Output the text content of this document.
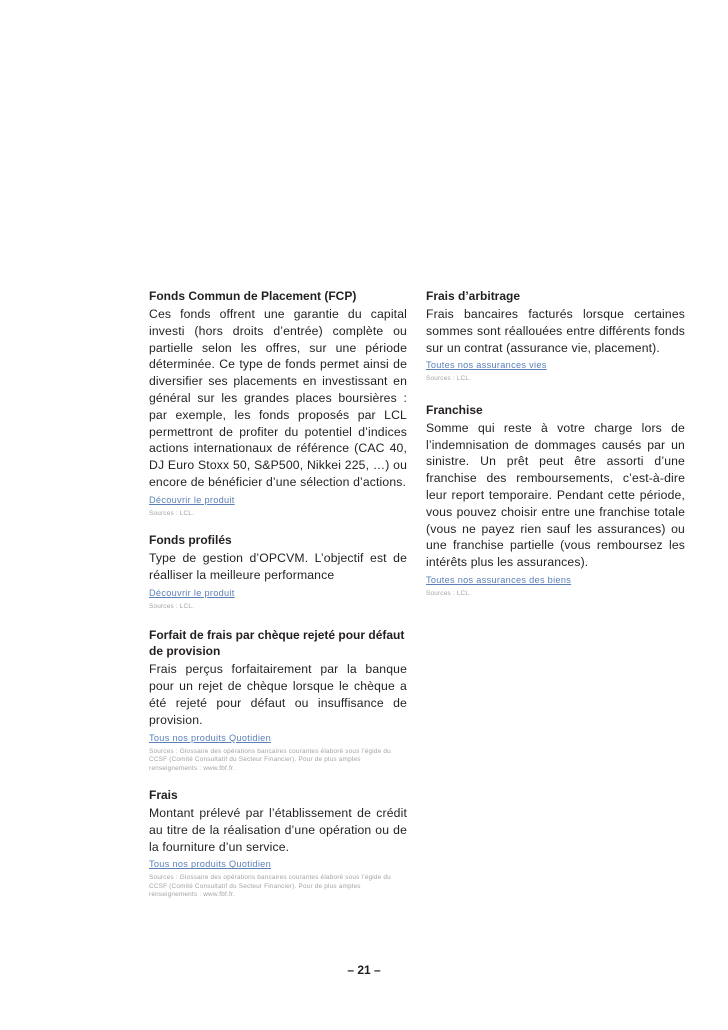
Fonds Commun de Placement (FCP)

Ces fonds offrent une garantie du capital investi (hors droits d’entrée) complète ou partielle selon les offres, sur une période déterminée. Ce type de fonds permet ainsi de diversifier ses placements en investissant en général sur les grandes places boursières : par exemple, les fonds proposés par LCL permettront de profiter du potentiel d’indices actions internationaux de référence (CAC 40, DJ Euro Stoxx 50, S&P500, Nikkei 225, …) ou encore de bénéficier d’une sélection d’actions.

Découvrir le produit
Sources : LCL.

Fonds profilés

Type de gestion d’OPCVM. L’objectif est de réalliser la meilleure performance

Découvrir le produit
Sources : LCL.

Forfait de frais par chèque rejeté pour défaut de provision

Frais perçus forfaitairement par la banque pour un rejet de chèque lorsque le chèque a été rejeté pour défaut ou insuffisance de provision.

Tous nos produits Quotidien
Sources : Glossaire des opérations bancaires courantes élaboré sous l’égide du CCSF (Comité Consultatif du Secteur Financier). Pour de plus amples renseignements : www.fbf.fr.

Frais

Montant prélevé par l’établissement de crédit au titre de la réalisation d’une opération ou de la fourniture d’un service.

Tous nos produits Quotidien
Sources : Glossaire des opérations bancaires courantes élaboré sous l’égide du CCSF (Comité Consultatif du Secteur Financier). Pour de plus amples renseignements : www.fbf.fr.

Frais d’arbitrage

Frais bancaires facturés lorsque certaines sommes sont réallouées entre différents fonds sur un contrat (assurance vie, placement).

Toutes nos assurances vies
Sources : LCL.

Franchise

Somme qui reste à votre charge lors de l’indemnisation de dommages causés par un sinistre. Un prêt peut être assorti d’une franchise des remboursements, c’est-à-dire leur report temporaire. Pendant cette période, vous pouvez choisir entre une franchise totale (vous ne payez rien sauf les assurances) ou une franchise partielle (vous remboursez les intérêts plus les assurances).

Toutes nos assurances des biens
Sources : LCL.
– 21 –
